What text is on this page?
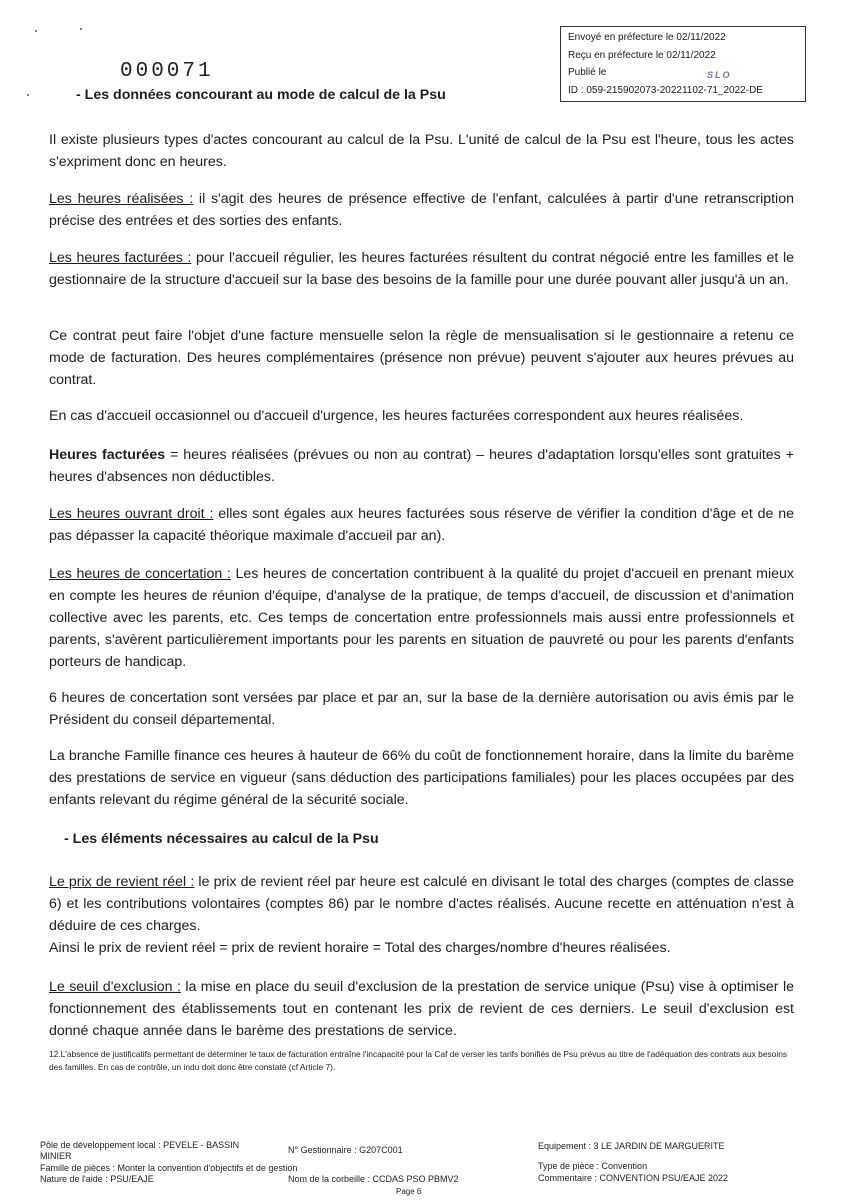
Envoyé en préfecture le 02/11/2022
Reçu en préfecture le 02/11/2022
Publié le
ID : 059-215902073-20221102-71_2022-DE
SLO
000071
- Les données concourant au mode de calcul de la Psu

Il existe plusieurs types d'actes concourant au calcul de la Psu. L'unité de calcul de la Psu est l'heure, tous les actes s'expriment donc en heures.

Les heures réalisées : il s'agit des heures de présence effective de l'enfant, calculées à partir d'une retranscription précise des entrées et des sorties des enfants.

Les heures facturées : pour l'accueil régulier, les heures facturées résultent du contrat négocié entre les familles et le gestionnaire de la structure d'accueil sur la base des besoins de la famille pour une durée pouvant aller jusqu'à un an.

Ce contrat peut faire l'objet d'une facture mensuelle selon la règle de mensualisation si le gestionnaire a retenu ce mode de facturation. Des heures complémentaires (présence non prévue) peuvent s'ajouter aux heures prévues au contrat.

En cas d'accueil occasionnel ou d'accueil d'urgence, les heures facturées correspondent aux heures réalisées.

Heures facturées = heures réalisées (prévues ou non au contrat) – heures d'adaptation lorsqu'elles sont gratuites + heures d'absences non déductibles.

Les heures ouvrant droit : elles sont égales aux heures facturées sous réserve de vérifier la condition d'âge et de ne pas dépasser la capacité théorique maximale d'accueil par an).

Les heures de concertation : Les heures de concertation contribuent à la qualité du projet d'accueil en prenant mieux en compte les heures de réunion d'équipe, d'analyse de la pratique, de temps d'accueil, de discussion et d'animation collective avec les parents, etc. Ces temps de concertation entre professionnels mais aussi entre professionnels et parents, s'avèrent particulièrement importants pour les parents en situation de pauvreté ou pour les parents d'enfants porteurs de handicap.

6 heures de concertation sont versées par place et par an, sur la base de la dernière autorisation ou avis émis par le Président du conseil départemental.

La branche Famille finance ces heures à hauteur de 66% du coût de fonctionnement horaire, dans la limite du barème des prestations de service en vigueur (sans déduction des participations familiales) pour les places occupées par des enfants relevant du régime général de la sécurité sociale.

- Les éléments nécessaires au calcul de la Psu

Le prix de revient réel : le prix de revient réel par heure est calculé en divisant le total des charges (comptes de classe 6) et les contributions volontaires (comptes 86) par le nombre d'actes réalisés. Aucune recette en atténuation n'est à déduire de ces charges.

Ainsi le prix de revient réel = prix de revient horaire = Total des charges/nombre d'heures réalisées.

Le seuil d'exclusion : la mise en place du seuil d'exclusion de la prestation de service unique (Psu) vise à optimiser le fonctionnement des établissements tout en contenant les prix de revient de ces derniers. Le seuil d'exclusion est donné chaque année dans le barème des prestations de service.

12.L'absence de justificatifs permettant de déterminer le taux de facturation entraîne l'incapacité pour la Caf de verser les tarifs bonifiés de Psu prévus au titre de l'adéquation des contrats aux besoins des familles. En cas de contrôle, un indu doit donc être constaté (cf Article 7).
Pôle de développement local : PEVELE - BASSIN
MINIER
N° Gestionnaire : G207C001	Equipement : 3 LE JARDIN DE MARGUERITE
Famille de pièces : Monter la convention d'objectifs et de gestion	Type de pièce : Convention
Nature de l'aide : PSU/EAJE	Nom de la corbeille : CCDAS PSO PBMV2	Commentaire : CONVENTION PSU/EAJE 2022
Page 6
